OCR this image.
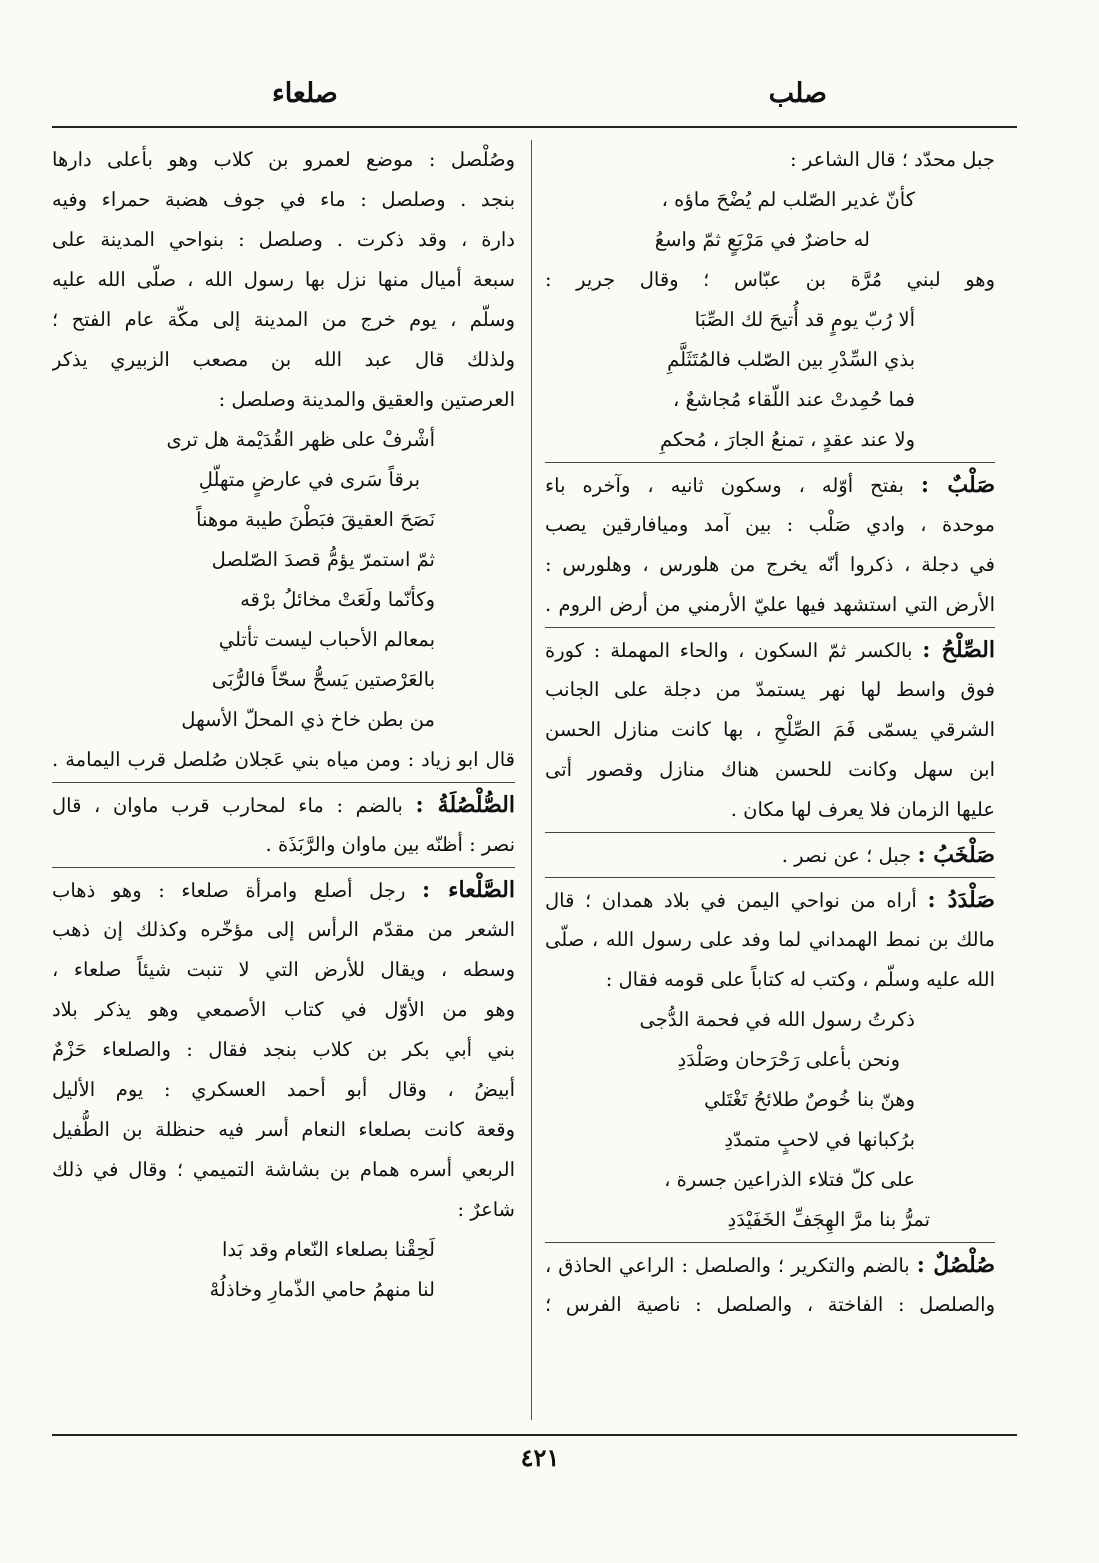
صلب
صلعاء
جبل محدّد ؛ قال الشاعر :
كأنّ غدير الصّلب لم يُضْحَ ماؤه ،
له حاضرٌ في مَرْبَعٍ ثمّ واسعُ
وهو لبني مُرَّة بن عبّاس ؛ وقال جرير :
ألا رُبّ يومٍ قد أُتيحَ لك الصِّبَا
بذي السِّدْرِ بين الصّلب فالمُتَثَلَّمِ
فما حُمِدتْ عند اللّقاء مُجاشعٌ ،
ولا عند عقدٍ ، تمنعُ الجارَ ، مُحكمِ
صَلْبٌ : بفتح أوّله ، وسكون ثانيه ، وآخره باء
موحدة ، وادي صَلْب : بين آمد وميافارقين يصب
في دجلة ، ذكروا أنّه يخرج من هلورس ، وهلورس :
الأرض التي استشهد فيها عليّ الأرمني من أرض الروم .
الصِّلْحُ : بالكسر ثمّ السكون ، والحاء المهملة : كورة
فوق واسط لها نهر يستمدّ من دجلة على الجانب
الشرقي يسمّى فَمَ الصِّلْحِ ، بها كانت منازل الحسن
ابن سهل وكانت للحسن هناك منازل وقصور أتى
عليها الزمان فلا يعرف لها مكان .
صَلْخَبُ : جبل ؛ عن نصر .
صَلْدَدُ : أراه من نواحي اليمن في بلاد همدان ؛ قال
مالك بن نمط الهمداني لما وفد على رسول الله ، صلّى
الله عليه وسلّم ، وكتب له كتاباً على قومه فقال :
ذكرتُ رسول الله في فحمة الدُّجى
ونحن بأعلى رَحْرَحان وصَلْدَدِ
وهنّ بنا خُوصٌ طلائحُ تَغْتَلي
برُكبانها في لاحبٍ متمدّدِ
على كلّ فتلاء الذراعين جسرة ،
تمرُّ بنا مرَّ الهِجَفِّ الخَفَيْدَدِ
صُلْصُلٌ : بالضم والتكرير ؛ والصلصل : الراعي الحاذق ،
والصلصل : الفاختة ، والصلصل : ناصية الفرس ؛
وصُلْصل : موضع لعمرو بن كلاب وهو بأعلى دارها
بنجد . وصلصل : ماء في جوف هضبة حمراء وفيه
دارة ، وقد ذكرت . وصلصل : بنواحي المدينة على
سبعة أميال منها نزل بها رسول الله ، صلّى الله عليه
وسلّم ، يوم خرج من المدينة إلى مكّة عام الفتح ؛
ولذلك قال عبد الله بن مصعب الزبيري يذكر
العرصتين والعقيق والمدينة وصلصل :
أشْرفْ على ظهر القُدَيْمة هل ترى
برقاً سَرى في عارضٍ متهلّلِ
نَصَحَ العقيقَ فبَطْنَ طيبة موهناً
ثمّ استمرّ يؤمُّ قصدَ الصّلصل
وكأنّما ولَعَتْ مخائلُ برْقه
بمعالم الأحباب ليست تأتلي
بالعَرْصتين يَسحُّ سحّاً فالرُّبَى
من بطن خاخ ذي المحلّ الأسهل
قال ابو زياد : ومن مياه بني عَجلان صُلصل قرب اليمامة .
الصُّلْصُلَةُ : بالضم : ماء لمحارب قرب ماوان ، قال
نصر : أظنّه بين ماوان والرَّبَذَة .
الصَّلْعاء : رجل أصلع وامرأة صلعاء : وهو ذهاب
الشعر من مقدّم الرأس إلى مؤخّره وكذلك إن ذهب
وسطه ، ويقال للأرض التي لا تنبت شيئاً صلعاء ،
وهو من الأوّل في كتاب الأصمعي وهو يذكر بلاد
بني أبي بكر بن كلاب بنجد فقال : والصلعاء حَزْمٌ
أبيضُ ، وقال أبو أحمد العسكري : يوم الأليل
وقعة كانت بصلعاء النعام أسر فيه حنظلة بن الطُّفيل
الربعي أسره همام بن بشاشة التميمي ؛ وقال في ذلك
شاعرٌ :
لَحِقْنا بصلعاء النّعام وقد بَدا
لنا منهمُ حامي الذّمارِ وخاذلُهْ
٤٢١
